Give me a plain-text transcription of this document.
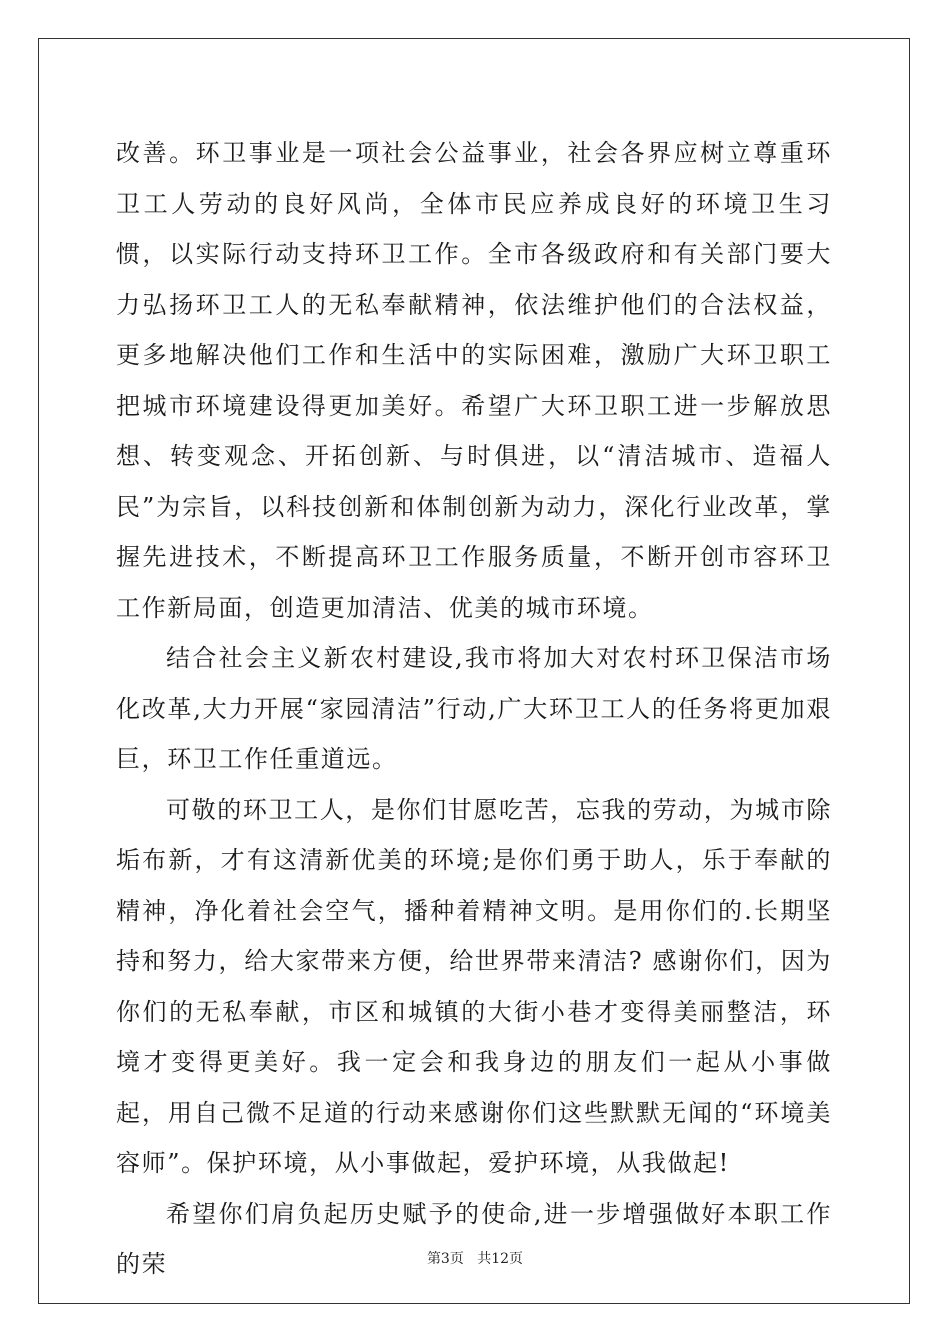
改善。环卫事业是一项社会公益事业，社会各界应树立尊重环卫工人劳动的良好风尚，全体市民应养成良好的环境卫生习惯，以实际行动支持环卫工作。全市各级政府和有关部门要大力弘扬环卫工人的无私奉献精神，依法维护他们的合法权益，更多地解决他们工作和生活中的实际困难，激励广大环卫职工把城市环境建设得更加美好。希望广大环卫职工进一步解放思想、转变观念、开拓创新、与时俱进，以“清洁城市、造福人民”为宗旨，以科技创新和体制创新为动力，深化行业改革，掌握先进技术，不断提高环卫工作服务质量，不断开创市容环卫工作新局面，创造更加清洁、优美的城市环境。

结合社会主义新农村建设,我市将加大对农村环卫保洁市场化改革,大力开展“家园清洁”行动,广大环卫工人的任务将更加艰巨，环卫工作任重道远。

可敬的环卫工人，是你们甘愿吃苦，忘我的劳动，为城市除垢布新，才有这清新优美的环境;是你们勇于助人，乐于奉献的精神，净化着社会空气，播种着精神文明。是用你们的.长期坚持和努力，给大家带来方便，给世界带来清洁? 感谢你们，因为你们的无私奉献，市区和城镇的大街小巷才变得美丽整洁，环境才变得更美好。我一定会和我身边的朋友们一起从小事做起，用自己微不足道的行动来感谢你们这些默默无闻的“环境美容师”。保护环境，从小事做起，爱护环境，从我做起!

希望你们肩负起历史赋予的使命,进一步增强做好本职工作的荣	第3页 共12页
